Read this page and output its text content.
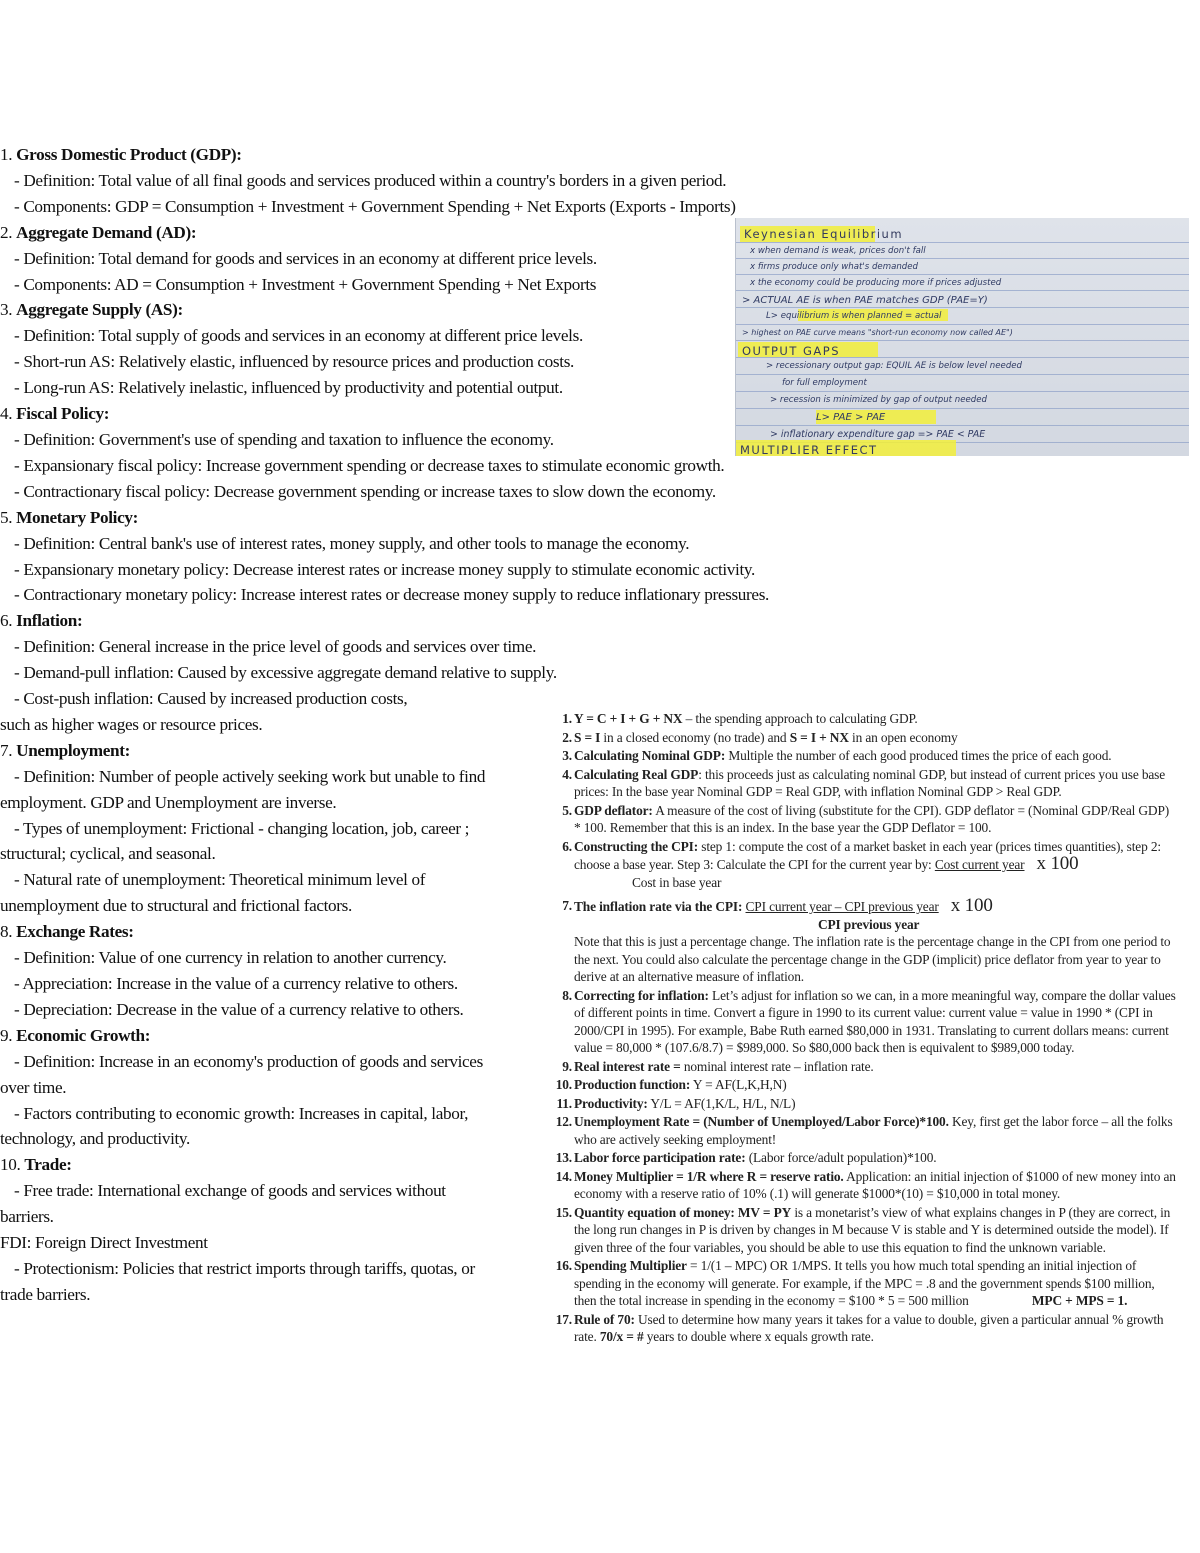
1. Gross Domestic Product (GDP):
- Definition: Total value of all final goods and services produced within a country's borders in a given period.
- Components: GDP = Consumption + Investment + Government Spending + Net Exports (Exports - Imports)
2. Aggregate Demand (AD):
- Definition: Total demand for goods and services in an economy at different price levels.
- Components: AD = Consumption + Investment + Government Spending + Net Exports
3. Aggregate Supply (AS):
- Definition: Total supply of goods and services in an economy at different price levels.
- Short-run AS: Relatively elastic, influenced by resource prices and production costs.
- Long-run AS: Relatively inelastic, influenced by productivity and potential output.
4. Fiscal Policy:
- Definition: Government's use of spending and taxation to influence the economy.
- Expansionary fiscal policy: Increase government spending or decrease taxes to stimulate economic growth.
- Contractionary fiscal policy: Decrease government spending or increase taxes to slow down the economy.
5. Monetary Policy:
- Definition: Central bank's use of interest rates, money supply, and other tools to manage the economy.
- Expansionary monetary policy: Decrease interest rates or increase money supply to stimulate economic activity.
- Contractionary monetary policy: Increase interest rates or decrease money supply to reduce inflationary pressures.
6. Inflation:
- Definition: General increase in the price level of goods and services over time.
- Demand-pull inflation: Caused by excessive aggregate demand relative to supply.
- Cost-push inflation: Caused by increased production costs,
such as higher wages or resource prices.
7. Unemployment:
- Definition: Number of people actively seeking work but unable to find employment. GDP and Unemployment are inverse.
- Types of unemployment: Frictional - changing location, job, career ; structural; cyclical, and seasonal.
- Natural rate of unemployment: Theoretical minimum level of unemployment due to structural and frictional factors.
8. Exchange Rates:
- Definition: Value of one currency in relation to another currency.
- Appreciation: Increase in the value of a currency relative to others.
- Depreciation: Decrease in the value of a currency relative to others.
9. Economic Growth:
- Definition: Increase in an economy's production of goods and services over time.
- Factors contributing to economic growth: Increases in capital, labor, technology, and productivity.
10. Trade:
- Free trade: International exchange of goods and services without barriers.
FDI: Foreign Direct Investment
- Protectionism: Policies that restrict imports through tariffs, quotas, or trade barriers.
Keynesian Equilibrium
x when demand is weak, prices don't fall
x firms produce only what's demanded
x the economy could be producing more if prices adjusted
> ACTUAL AE is when PAE matches GDP (PAE=Y)
L> equilibrium is when planned = actual
> highest on PAE curve means "short-run economy now called AE")
OUTPUT GAPS
> recessionary output gap: EQUIL AE is below level needed
for full employment
> recession is minimized by gap of output needed
L> PAE > PAE
> inflationary expenditure gap => PAE < PAE
MULTIPLIER EFFECT
1. Y = C + I + G + NX – the spending approach to calculating GDP.
2. S = I in a closed economy (no trade) and S = I + NX in an open economy
3. Calculating Nominal GDP: Multiple the number of each good produced times the price of each good.
4. Calculating Real GDP: this proceeds just as calculating nominal GDP, but instead of current prices you use base prices: In the base year Nominal GDP = Real GDP, with inflation Nominal GDP > Real GDP.
5. GDP deflator: A measure of the cost of living (substitute for the CPI). GDP deflator = (Nominal GDP/Real GDP) * 100. Remember that this is an index. In the base year the GDP Deflator = 100.
6. Constructing the CPI: step 1: compute the cost of a market basket in each year (prices times quantities), step 2: choose a base year. Step 3: Calculate the CPI for the current year by: Cost current year x 100
Cost in base year
7. The inflation rate via the CPI: CPI current year – CPI previous year x 100
CPI previous year
Note that this is just a percentage change. The inflation rate is the percentage change in the CPI from one period to the next. You could also calculate the percentage change in the GDP (implicit) price deflator from year to year to derive at an alternative measure of inflation.
8. Correcting for inflation: Let’s adjust for inflation so we can, in a more meaningful way, compare the dollar values of different points in time. Convert a figure in 1990 to its current value: current value = value in 1990 * (CPI in 2000/CPI in 1995). For example, Babe Ruth earned $80,000 in 1931. Translating to current dollars means: current value = 80,000 * (107.6/8.7) = $989,000. So $80,000 back then is equivalent to $989,000 today.
9. Real interest rate = nominal interest rate – inflation rate.
10. Production function: Y = AF(L,K,H,N)
11. Productivity: Y/L = AF(1,K/L, H/L, N/L)
12. Unemployment Rate = (Number of Unemployed/Labor Force)*100. Key, first get the labor force – all the folks who are actively seeking employment!
13. Labor force participation rate: (Labor force/adult population)*100.
14. Money Multiplier = 1/R where R = reserve ratio. Application: an initial injection of $1000 of new money into an economy with a reserve ratio of 10% (.1) will generate $1000*(10) = $10,000 in total money.
15. Quantity equation of money: MV = PY is a monetarist’s view of what explains changes in P (they are correct, in the long run changes in P is driven by changes in M because V is stable and Y is determined outside the model). If given three of the four variables, you should be able to use this equation to find the unknown variable.
16. Spending Multiplier = 1/(1 – MPC) OR 1/MPS. It tells you how much total spending an initial injection of spending in the economy will generate. For example, if the MPC = .8 and the government spends $100 million, then the total increase in spending in the economy = $100 * 5 = 500 million	MPC + MPS = 1.
17. Rule of 70: Used to determine how many years it takes for a value to double, given a particular annual % growth rate. 70/x = # years to double where x equals growth rate.
